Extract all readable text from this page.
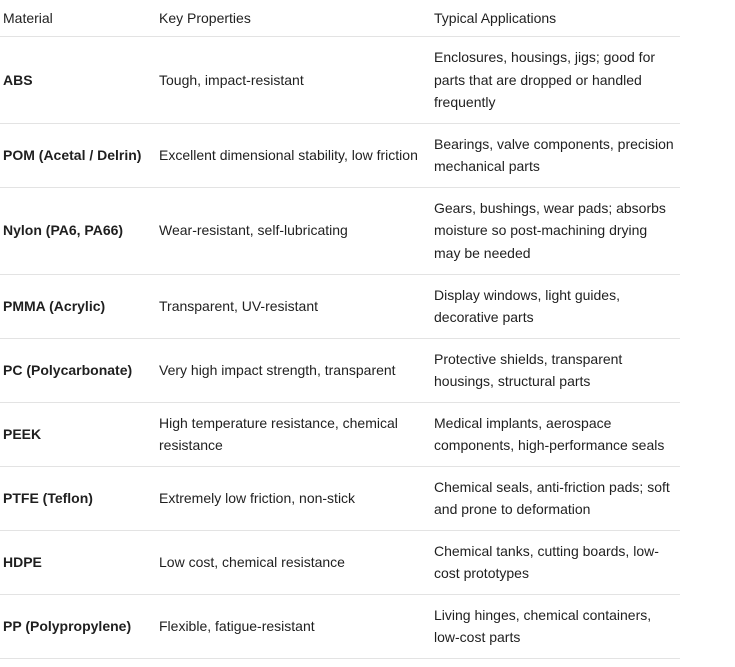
Material	Key Properties	Typical Applications
ABS	Tough, impact-resistant	Enclosures, housings, jigs; good for parts that are dropped or handled frequently
POM (Acetal / Delrin)	Excellent dimensional stability, low friction	Bearings, valve components, precision mechanical parts
Nylon (PA6, PA66)	Wear-resistant, self-lubricating	Gears, bushings, wear pads; absorbs moisture so post-machining drying may be needed
PMMA (Acrylic)	Transparent, UV-resistant	Display windows, light guides, decorative parts
PC (Polycarbonate)	Very high impact strength, transparent	Protective shields, transparent housings, structural parts
PEEK	High temperature resistance, chemical resistance	Medical implants, aerospace components, high-performance seals
PTFE (Teflon)	Extremely low friction, non-stick	Chemical seals, anti-friction pads; soft and prone to deformation
HDPE	Low cost, chemical resistance	Chemical tanks, cutting boards, low-cost prototypes
PP (Polypropylene)	Flexible, fatigue-resistant	Living hinges, chemical containers, low-cost parts
